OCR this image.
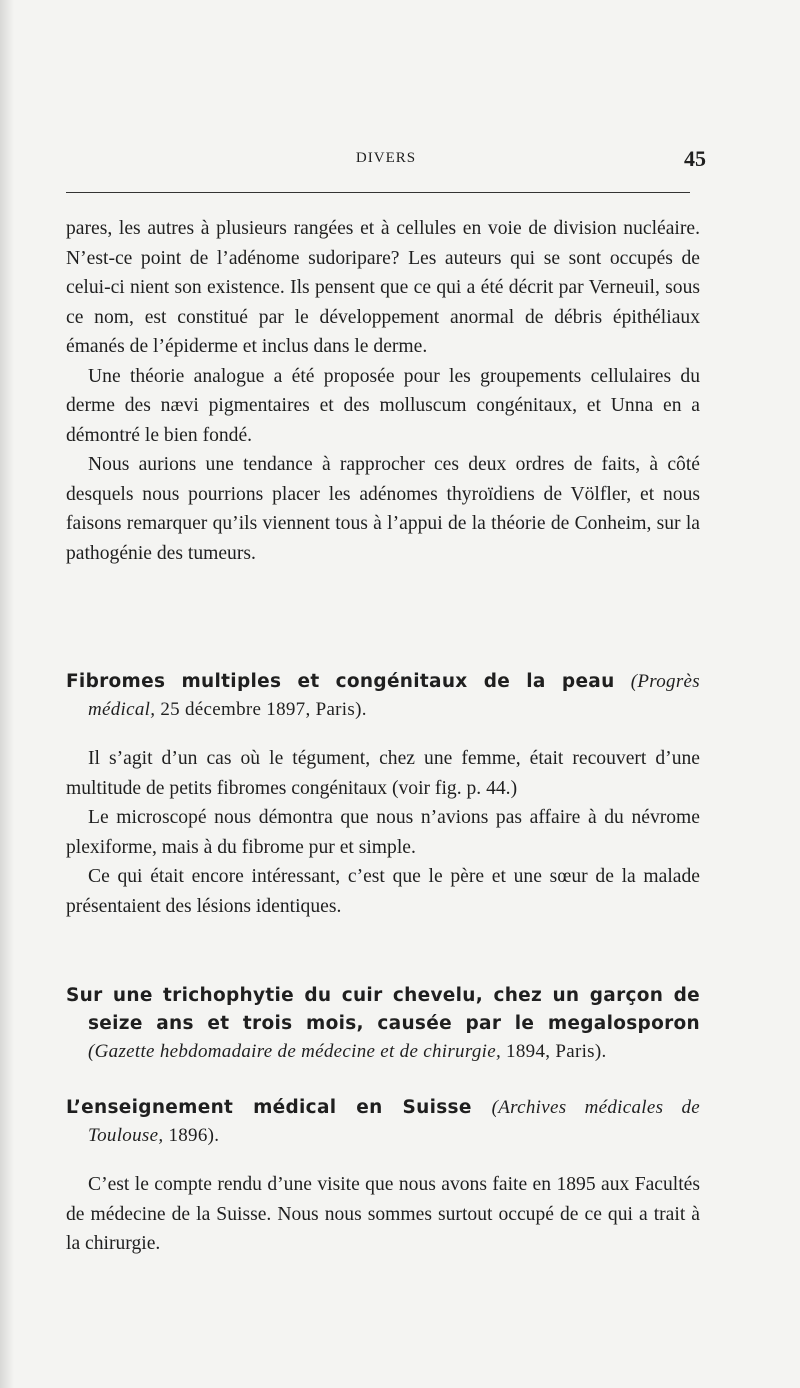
DIVERS	45

pares, les autres à plusieurs rangées et à cellules en voie de division nucléaire. N’est-ce point de l’adénome sudoripare? Les auteurs qui se sont occupés de celui-ci nient son existence. Ils pensent que ce qui a été décrit par Verneuil, sous ce nom, est constitué par le développement anormal de débris épithéliaux émanés de l’épiderme et inclus dans le derme.

Une théorie analogue a été proposée pour les groupements cellulaires du derme des nævi pigmentaires et des molluscum congénitaux, et Unna en a démontré le bien fondé.

Nous aurions une tendance à rapprocher ces deux ordres de faits, à côté desquels nous pourrions placer les adénomes thyroïdiens de Völfler, et nous faisons remarquer qu’ils viennent tous à l’appui de la théorie de Conheim, sur la pathogénie des tumeurs.

Fibromes multiples et congénitaux de la peau (Progrès médical, 25 décembre 1897, Paris).

Il s’agit d’un cas où le tégument, chez une femme, était recouvert d’une multitude de petits fibromes congénitaux (voir fig. p. 44.)

Le microscopé nous démontra que nous n’avions pas affaire à du névrome plexiforme, mais à du fibrome pur et simple.

Ce qui était encore intéressant, c’est que le père et une sœur de la malade présentaient des lésions identiques.

Sur une trichophytie du cuir chevelu, chez un garçon de seize ans et trois mois, causée par le megalosporon (Gazette hebdomadaire de médecine et de chirurgie, 1894, Paris).

L’enseignement médical en Suisse (Archives médicales de Toulouse, 1896).

C’est le compte rendu d’une visite que nous avons faite en 1895 aux Facultés de médecine de la Suisse. Nous nous sommes surtout occupé de ce qui a trait à la chirurgie.
